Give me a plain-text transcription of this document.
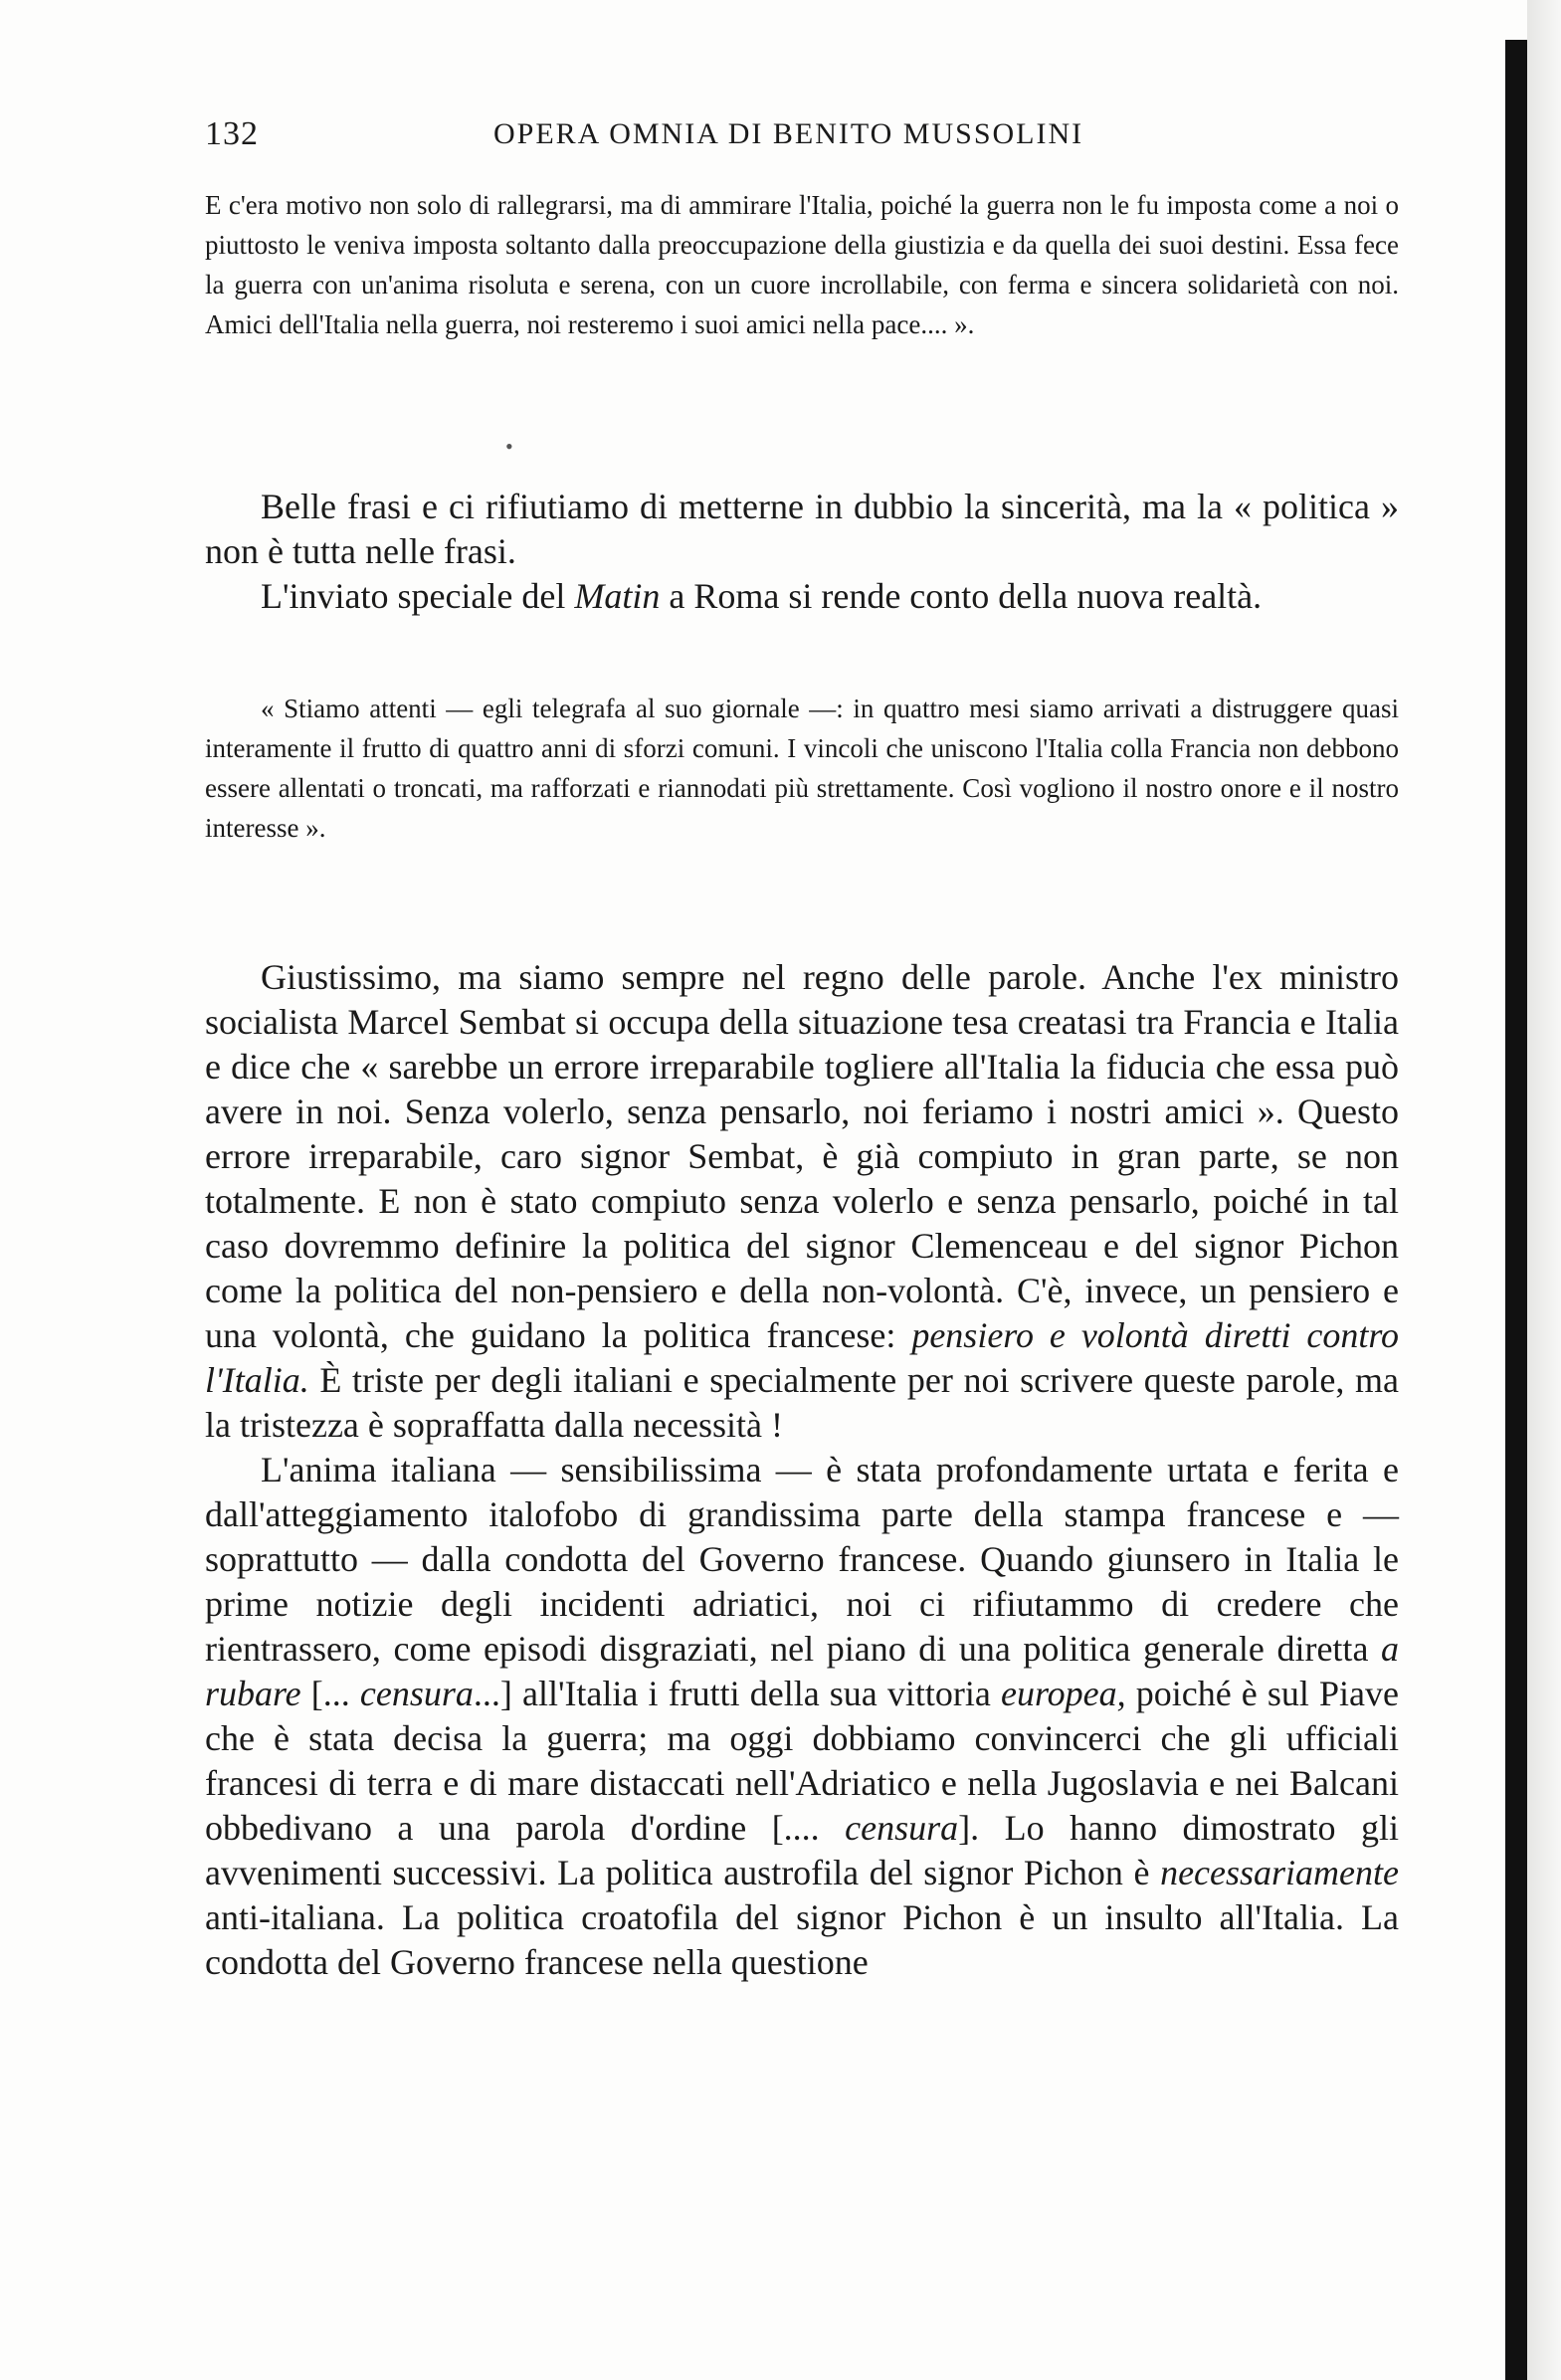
132	OPERA OMNIA DI BENITO MUSSOLINI

E c'era motivo non solo di rallegrarsi, ma di ammirare l'Italia, poiché la guerra non le fu imposta come a noi o piuttosto le veniva imposta soltanto dalla preoccupazione della giustizia e da quella dei suoi destini. Essa fece la guerra con un'anima risoluta e serena, con un cuore incrollabile, con ferma e sincera solidarietà con noi. Amici dell'Italia nella guerra, noi resteremo i suoi amici nella pace.... ».

•

Belle frasi e ci rifiutiamo di metterne in dubbio la sincerità, ma la « politica » non è tutta nelle frasi.

L'inviato speciale del Matin a Roma si rende conto della nuova realtà.

« Stiamo attenti — egli telegrafa al suo giornale —: in quattro mesi siamo arrivati a distruggere quasi interamente il frutto di quattro anni di sforzi comuni. I vincoli che uniscono l'Italia colla Francia non debbono essere allentati o troncati, ma rafforzati e riannodati più strettamente. Così vogliono il nostro onore e il nostro interesse ».

Giustissimo, ma siamo sempre nel regno delle parole. Anche l'ex ministro socialista Marcel Sembat si occupa della situazione tesa creatasi tra Francia e Italia e dice che « sarebbe un errore irreparabile togliere all'Italia la fiducia che essa può avere in noi. Senza volerlo, senza pensarlo, noi feriamo i nostri amici ». Questo errore irreparabile, caro signor Sembat, è già compiuto in gran parte, se non totalmente. E non è stato compiuto senza volerlo e senza pensarlo, poiché in tal caso dovremmo definire la politica del signor Clemenceau e del signor Pichon come la politica del non-pensiero e della non-volontà. C'è, invece, un pensiero e una volontà, che guidano la politica francese: pensiero e volontà diretti contro l'Italia. È triste per degli italiani e specialmente per noi scrivere queste parole, ma la tristezza è sopraffatta dalla necessità !

L'anima italiana — sensibilissima — è stata profondamente urtata e ferita e dall'atteggiamento italofobo di grandissima parte della stampa francese e — soprattutto — dalla condotta del Governo francese. Quando giunsero in Italia le prime notizie degli incidenti adriatici, noi ci rifiutammo di credere che rientrassero, come episodi disgraziati, nel piano di una politica generale diretta a rubare [... censura...] all'Italia i frutti della sua vittoria europea, poiché è sul Piave che è stata decisa la guerra; ma oggi dobbiamo convincerci che gli ufficiali francesi di terra e di mare distaccati nell'Adriatico e nella Jugoslavia e nei Balcani obbedivano a una parola d'ordine [.... censura]. Lo hanno dimostrato gli avvenimenti successivi. La politica austrofila del signor Pichon è necessariamente anti-italiana. La politica croatofila del signor Pichon è un insulto all'Italia. La condotta del Governo francese nella questione
